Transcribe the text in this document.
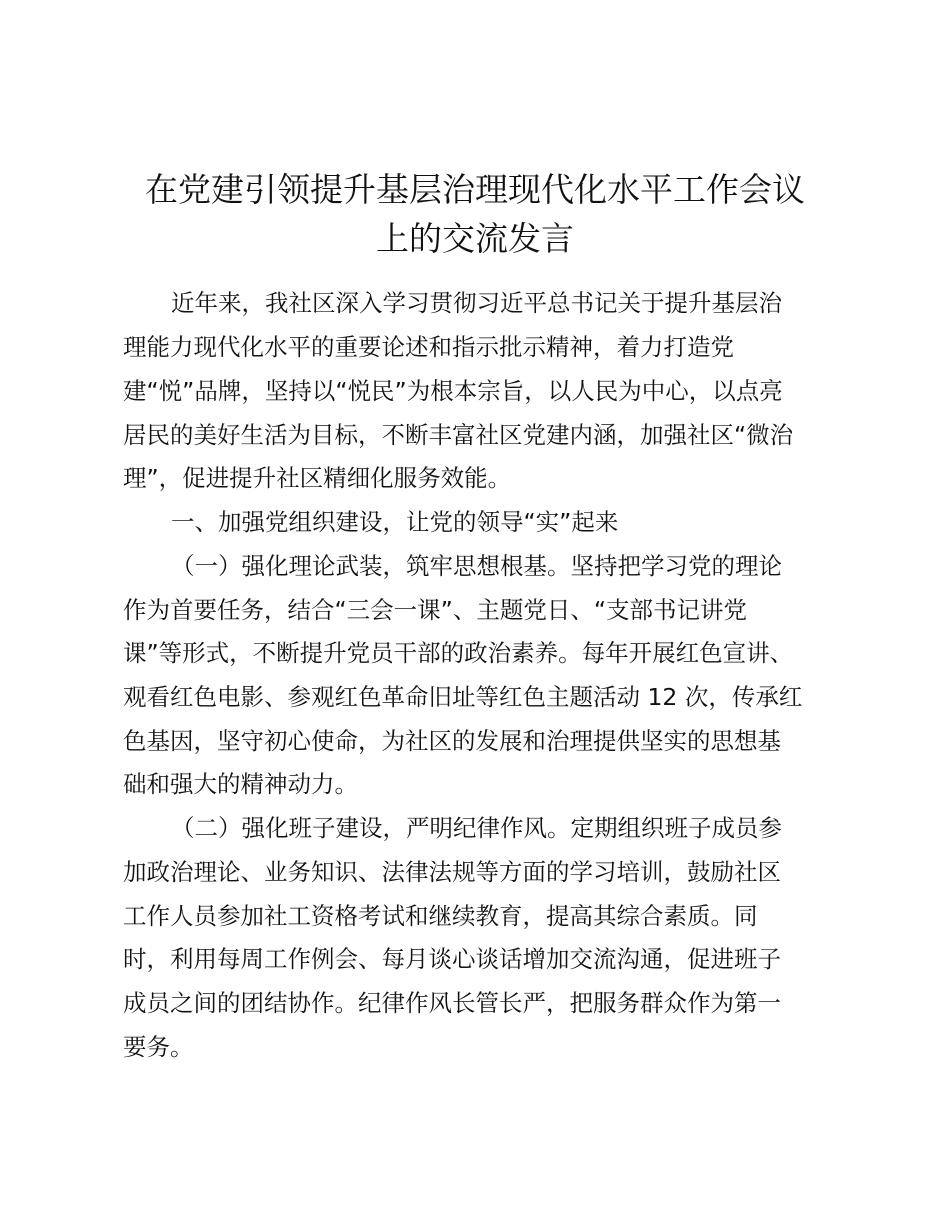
在党建引领提升基层治理现代化水平工作会议
上的交流发言
近年来，我社区深入学习贯彻习近平总书记关于提升基层治
理能力现代化水平的重要论述和指示批示精神，着力打造党
建“悦”品牌，坚持以“悦民”为根本宗旨，以人民为中心，以点亮
居民的美好生活为目标，不断丰富社区党建内涵，加强社区“微治
理”，促进提升社区精细化服务效能。
一、加强党组织建设，让党的领导“实”起来
（一）强化理论武装，筑牢思想根基。坚持把学习党的理论
作为首要任务，结合“三会一课”、主题党日、“支部书记讲党
课”等形式，不断提升党员干部的政治素养。每年开展红色宣讲、
观看红色电影、参观红色革命旧址等红色主题活动 12 次，传承红
色基因，坚守初心使命，为社区的发展和治理提供坚实的思想基
础和强大的精神动力。
（二）强化班子建设，严明纪律作风。定期组织班子成员参
加政治理论、业务知识、法律法规等方面的学习培训，鼓励社区
工作人员参加社工资格考试和继续教育，提高其综合素质。同
时，利用每周工作例会、每月谈心谈话增加交流沟通，促进班子
成员之间的团结协作。纪律作风长管长严，把服务群众作为第一
要务。
